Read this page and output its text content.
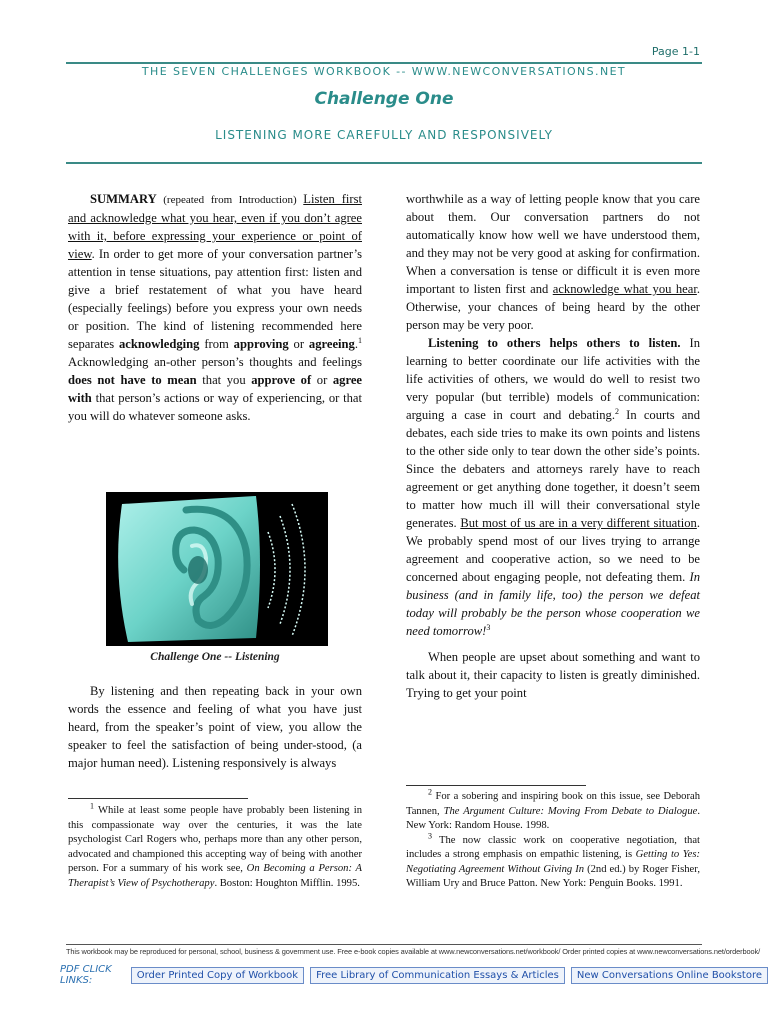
Page 1-1
THE SEVEN CHALLENGES WORKBOOK -- WWW.NEWCONVERSATIONS.NET
Challenge One
LISTENING MORE CAREFULLY AND RESPONSIVELY

SUMMARY (repeated from Introduction) Listen first and acknowledge what you hear, even if you don’t agree with it, before expressing your experience or point of view. In order to get more of your conversation partner’s attention in tense situations, pay attention first: listen and give a brief restatement of what you have heard (especially feelings) before you express your own needs or position. The kind of listening recommended here separates acknowledging from approving or agreeing.$^1$ Acknowledging an-other person’s thoughts and feelings does not have to mean that you approve of or agree with that person’s actions or way of experiencing, or that you will do whatever someone asks.

Challenge One -- Listening

By listening and then repeating back in your own words the essence and feeling of what you have just heard, from the speaker’s point of view, you allow the speaker to feel the satisfaction of being under-stood, (a major human need). Listening responsively is always

worthwhile as a way of letting people know that you care about them. Our conversation partners do not automatically know how well we have understood them, and they may not be very good at asking for confirmation. When a conversation is tense or difficult it is even more important to listen first and acknowledge what you hear. Otherwise, your chances of being heard by the other person may be very poor.

Listening to others helps others to listen. In learning to better coordinate our life activities with the life activities of others, we would do well to resist two very popular (but terrible) models of communication: arguing a case in court and debating.$^2$ In courts and debates, each side tries to make its own points and listens to the other side only to tear down the other side’s points. Since the debaters and attorneys rarely have to reach agreement or get anything done together, it doesn’t seem to matter how much ill will their conversational style generates. But most of us are in a very different situation. We probably spend most of our lives trying to arrange agreement and cooperative action, so we need to be concerned about engaging people, not defeating them. In business (and in family life, too) the person we defeat today will probably be the person whose cooperation we need tomorrow!$^3$

When people are upset about something and want to talk about it, their capacity to listen is greatly diminished. Trying to get your point

$^1$ While at least some people have probably been listening in this compassionate way over the centuries, it was the late psychologist Carl Rogers who, perhaps more than any other person, advocated and championed this accepting way of being with another person. For a summary of his work see, On Becoming a Person: A Therapist’s View of Psychotherapy. Boston: Houghton Mifflin. 1995.

$^2$ For a sobering and inspiring book on this issue, see Deborah Tannen, The Argument Culture: Moving From Debate to Dialogue. New York: Random House. 1998.

$^3$ The now classic work on cooperative negotiation, that includes a strong emphasis on empathic listening, is Getting to Yes: Negotiating Agreement Without Giving In (2nd ed.) by Roger Fisher, William Ury and Bruce Patton. New York: Penguin Books. 1991.

This workbook may be reproduced for personal, school, business & government use. Free e-book copies available at www.newconversations.net/workbook/ Order printed copies at www.newconversations.net/orderbook/
PDF CLICK LINKS:	Order Printed Copy of Workbook	Free Library of Communication Essays & Articles	New Conversations Online Bookstore
